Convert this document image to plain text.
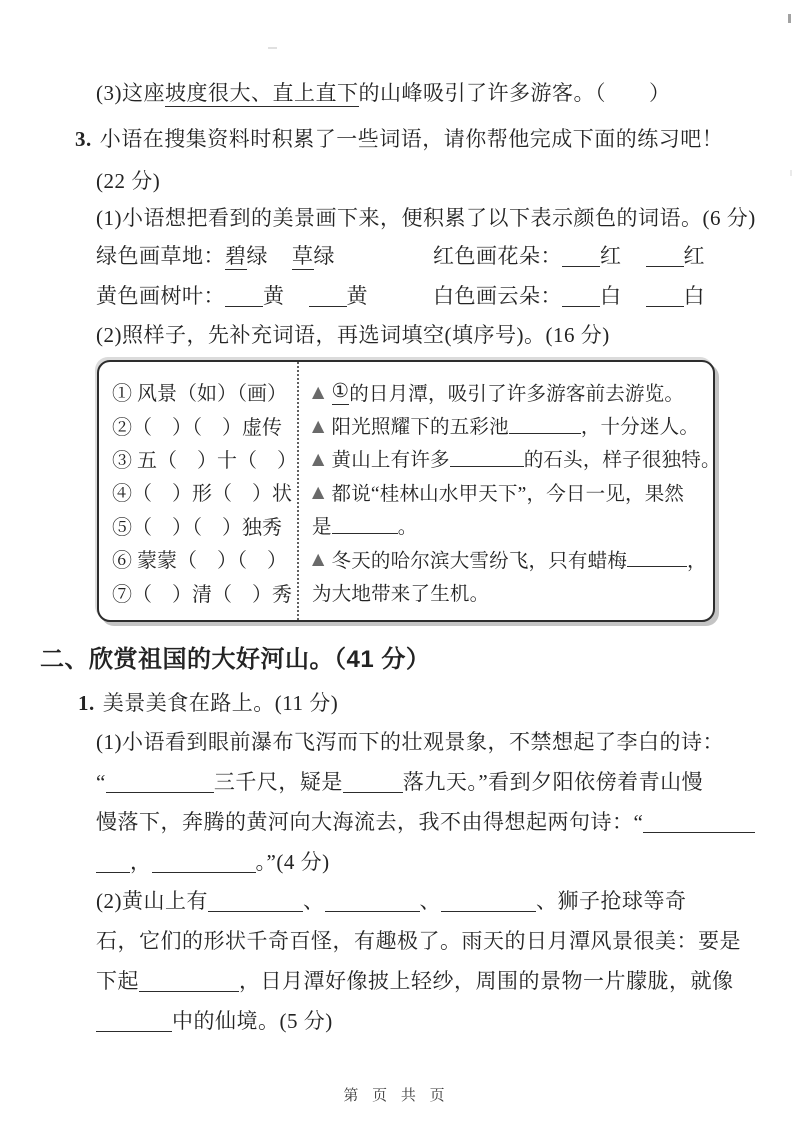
(3)这座坡度很大、直上直下的山峰吸引了许多游客。（　　）
3. 小语在搜集资料时积累了一些词语，请你帮他完成下面的练习吧！
(22 分)
(1)小语想把看到的美景画下来，便积累了以下表示颜色的词语。(6 分)
绿色画草地：碧绿 草绿	红色画花朵： 红	红
黄色画树叶： 黄	黄	白色画云朵： 白	白
(2)照样子，先补充词语，再选词填空(填序号)。(16 分)
① 风景（如）（画）
②（　）（　）虚传
③ 五（　）十（　）
④（　）形（　）状
⑤（　）（　）独秀
⑥ 蒙蒙（　）（　）
⑦（　）清（　）秀
▲ ① 的日月潭，吸引了许多游客前去游览。
▲ 阳光照耀下的五彩池	，十分迷人。
▲ 黄山上有许多	的石头，样子很独特。
▲ 都说“桂林山水甲天下”，今日一见，果然
是	。
▲ 冬天的哈尔滨大雪纷飞，只有蜡梅	，
为大地带来了生机。
二、欣赏祖国的大好河山。（41 分）
1. 美景美食在路上。(11 分)
(1)小语看到眼前瀑布飞泻而下的壮观景象，不禁想起了李白的诗：
“	三千尺，疑是	落九天。”看到夕阳依傍着青山慢
慢落下，奔腾的黄河向大海流去，我不由得想起两句诗：“
，	。”(4 分)
(2)黄山上有	、	、	、狮子抢球等奇
石，它们的形状千奇百怪，有趣极了。雨天的日月潭风景很美：要是
下起	，日月潭好像披上轻纱，周围的景物一片朦胧，就像
中的仙境。(5 分)
第 页 共 页
